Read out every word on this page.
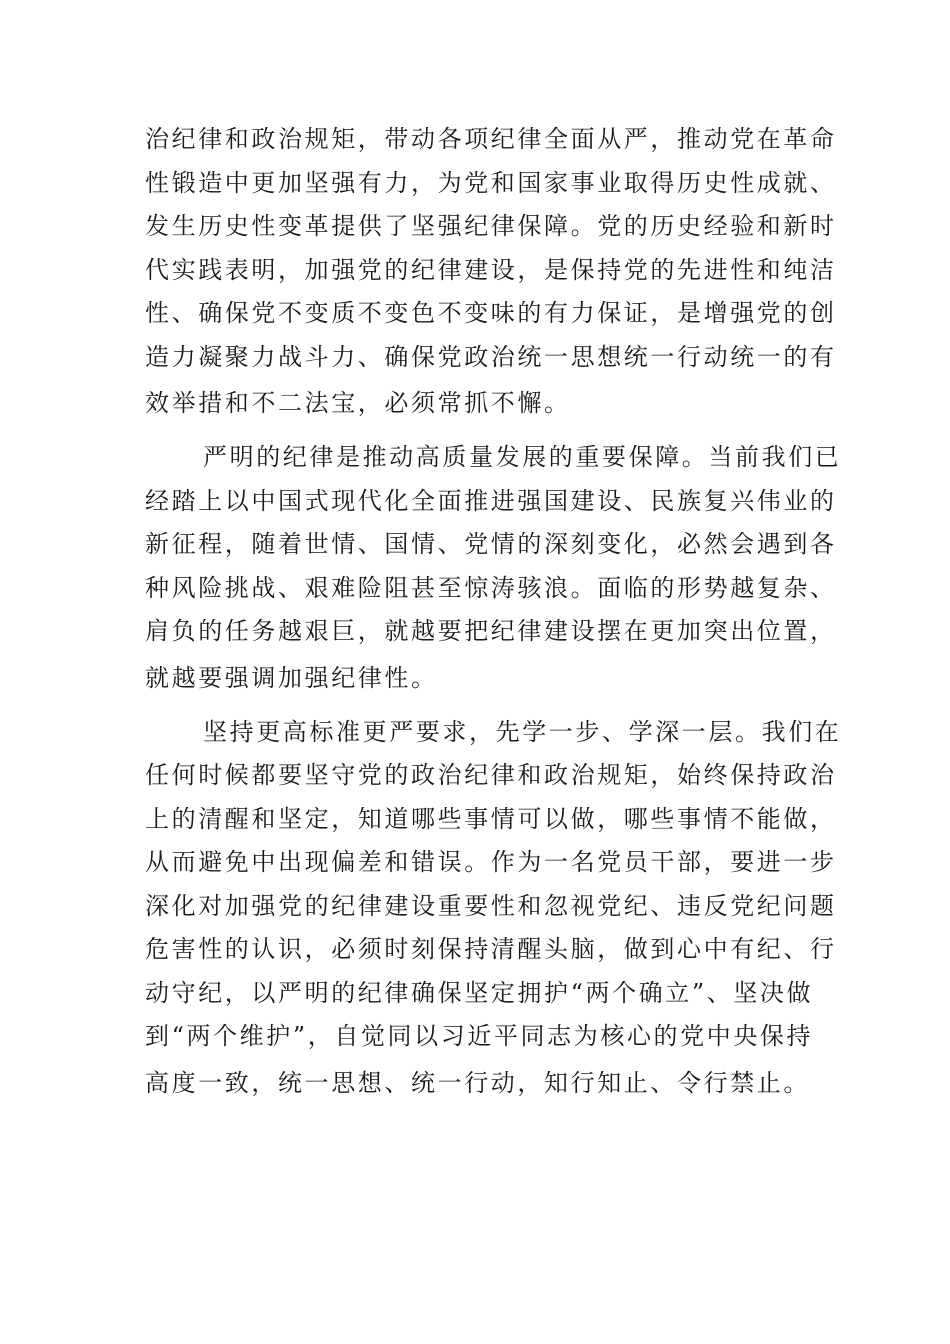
治纪律和政治规矩，带动各项纪律全面从严，推动党在革命
性锻造中更加坚强有力，为党和国家事业取得历史性成就、
发生历史性变革提供了坚强纪律保障。党的历史经验和新时
代实践表明，加强党的纪律建设，是保持党的先进性和纯洁
性、确保党不变质不变色不变味的有力保证，是增强党的创
造力凝聚力战斗力、确保党政治统一思想统一行动统一的有
效举措和不二法宝，必须常抓不懈。
严明的纪律是推动高质量发展的重要保障。当前我们已
经踏上以中国式现代化全面推进强国建设、民族复兴伟业的
新征程，随着世情、国情、党情的深刻变化，必然会遇到各
种风险挑战、艰难险阻甚至惊涛骇浪。面临的形势越复杂、
肩负的任务越艰巨，就越要把纪律建设摆在更加突出位置，
就越要强调加强纪律性。
坚持更高标准更严要求，先学一步、学深一层。我们在
任何时候都要坚守党的政治纪律和政治规矩，始终保持政治
上的清醒和坚定，知道哪些事情可以做，哪些事情不能做，
从而避免中出现偏差和错误。作为一名党员干部，要进一步
深化对加强党的纪律建设重要性和忽视党纪、违反党纪问题
危害性的认识，必须时刻保持清醒头脑，做到心中有纪、行
动守纪，以严明的纪律确保坚定拥护“两个确立”、坚决做
到“两个维护”，自觉同以习近平同志为核心的党中央保持
高度一致，统一思想、统一行动，知行知止、令行禁止。
